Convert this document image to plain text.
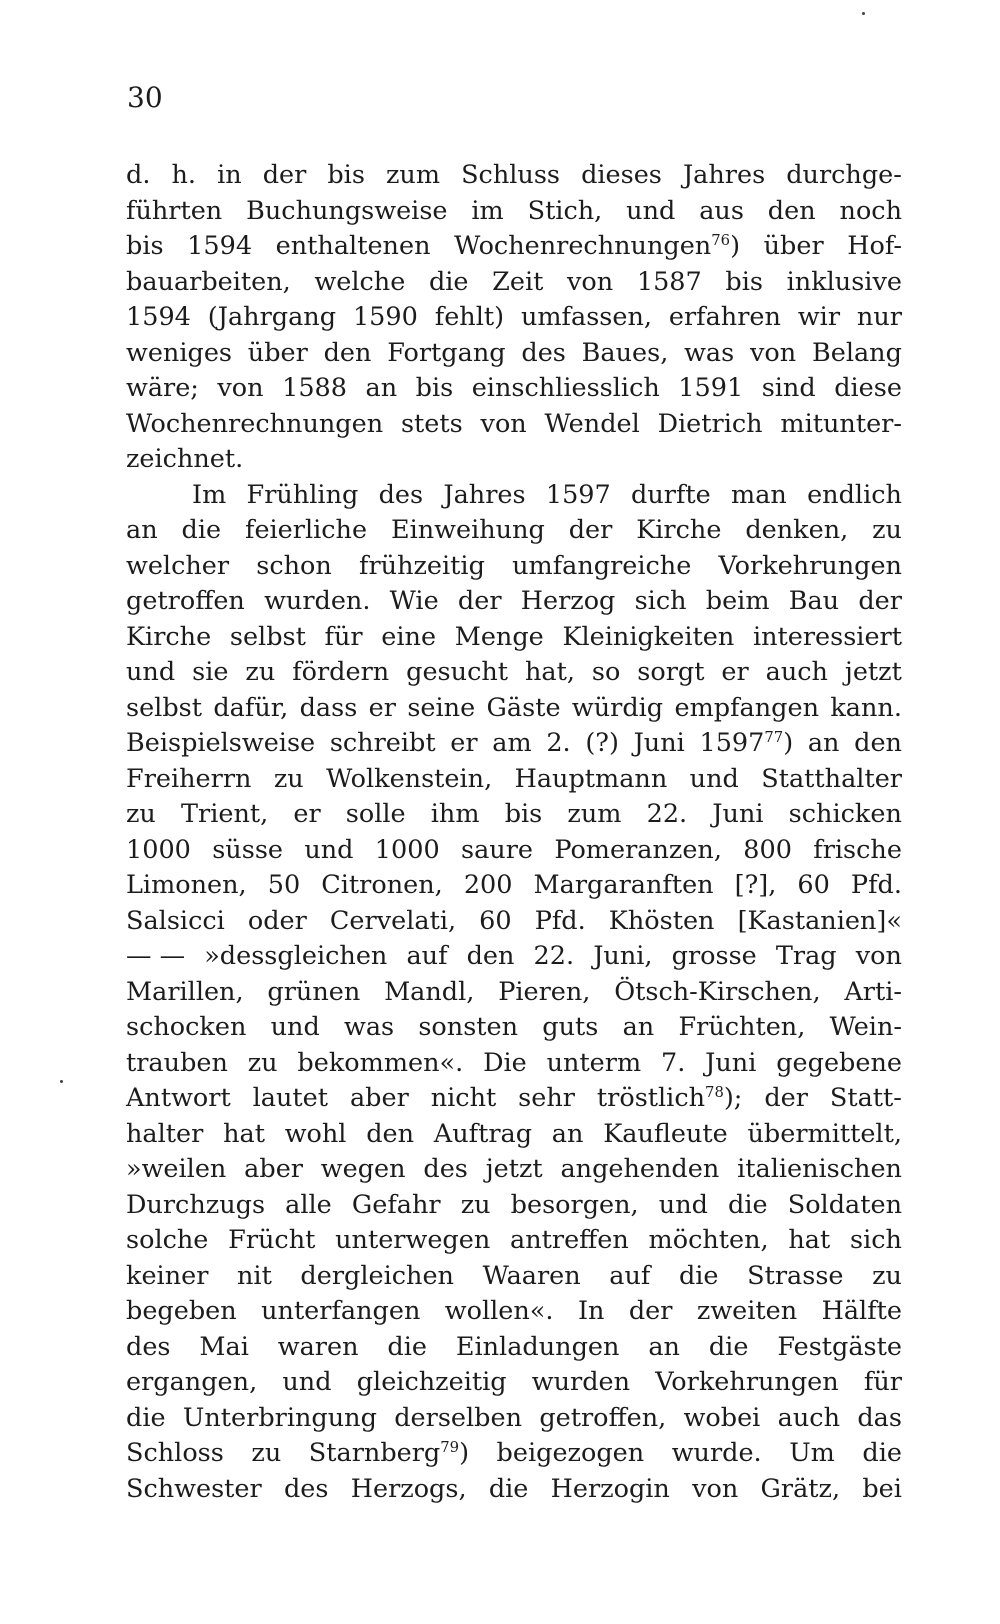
30
d. h. in der bis zum Schluss dieses Jahres durchge-
führten Buchungsweise im Stich, und aus den noch
bis 1594 enthaltenen Wochenrechnungen$^{76}$) über Hof-
bauarbeiten, welche die Zeit von 1587 bis inklusive
1594 (Jahrgang 1590 fehlt) umfassen, erfahren wir nur
weniges über den Fortgang des Baues, was von Belang
wäre; von 1588 an bis einschliesslich 1591 sind diese
Wochenrechnungen stets von Wendel Dietrich mitunter-
zeichnet.
Im Frühling des Jahres 1597 durfte man endlich
an die feierliche Einweihung der Kirche denken, zu
welcher schon frühzeitig umfangreiche Vorkehrungen
getroffen wurden. Wie der Herzog sich beim Bau der
Kirche selbst für eine Menge Kleinigkeiten interessiert
und sie zu fördern gesucht hat, so sorgt er auch jetzt
selbst dafür, dass er seine Gäste würdig empfangen kann.
Beispielsweise schreibt er am 2. (?) Juni 1597$^{77}$) an den
Freiherrn zu Wolkenstein, Hauptmann und Statthalter
zu Trient, er solle ihm bis zum 22. Juni schicken
1000 süsse und 1000 saure Pomeranzen, 800 frische
Limonen, 50 Citronen, 200 Margaranften [?], 60 Pfd.
Salsicci oder Cervelati, 60 Pfd. Khösten [Kastanien]«
— — »dessgleichen auf den 22. Juni, grosse Trag von
Marillen, grünen Mandl, Pieren, Ötsch-Kirschen, Arti-
schocken und was sonsten guts an Früchten, Wein-
trauben zu bekommen«. Die unterm 7. Juni gegebene
Antwort lautet aber nicht sehr tröstlich$^{78}$); der Statt-
halter hat wohl den Auftrag an Kaufleute übermittelt,
»weilen aber wegen des jetzt angehenden italienischen
Durchzugs alle Gefahr zu besorgen, und die Soldaten
solche Frücht unterwegen antreffen möchten, hat sich
keiner nit dergleichen Waaren auf die Strasse zu
begeben unterfangen wollen«. In der zweiten Hälfte
des Mai waren die Einladungen an die Festgäste
ergangen, und gleichzeitig wurden Vorkehrungen für
die Unterbringung derselben getroffen, wobei auch das
Schloss zu Starnberg$^{79}$) beigezogen wurde. Um die
Schwester des Herzogs, die Herzogin von Grätz, bei
